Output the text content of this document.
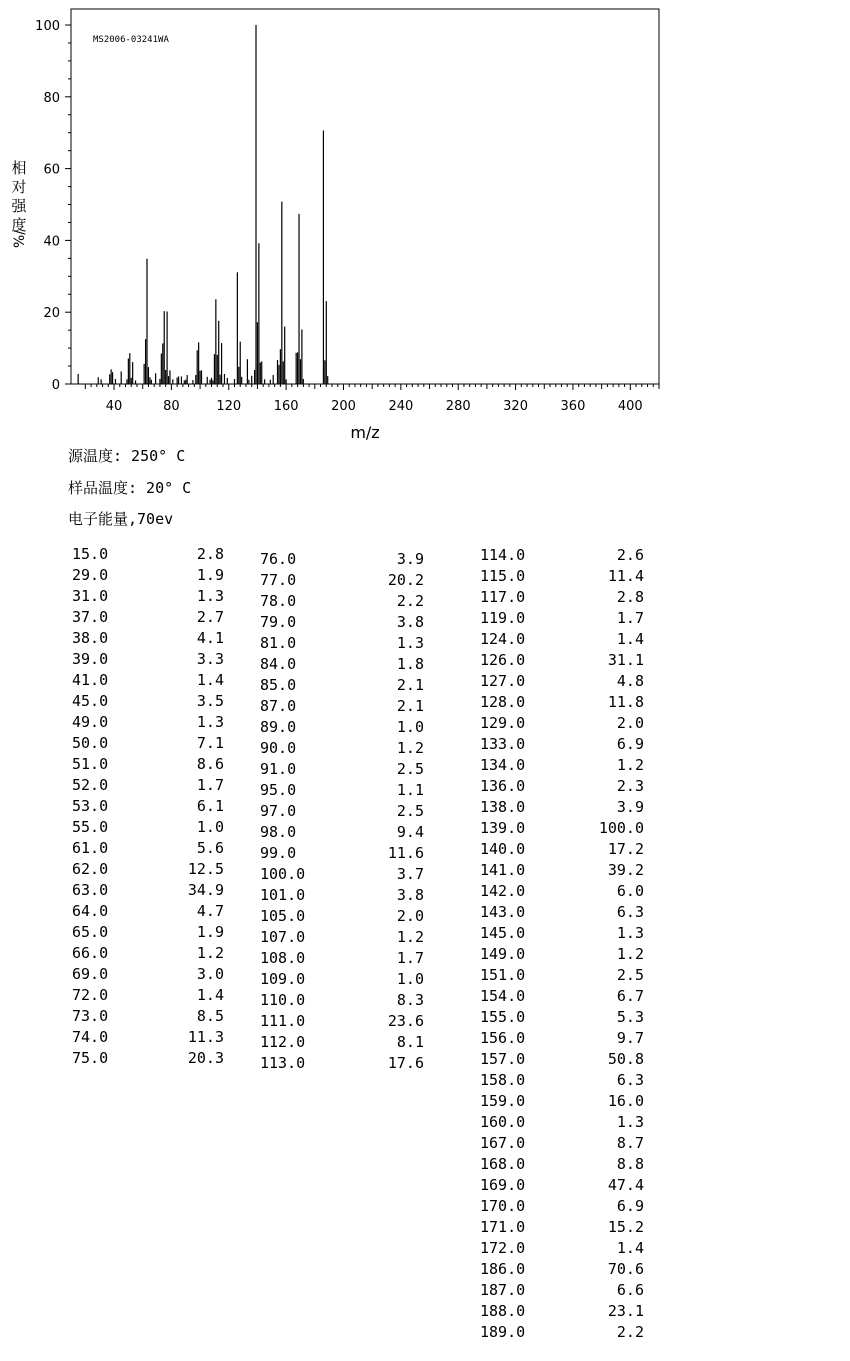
相
对
强
度
%/
MS2006-03241WA
m/z
40	80	120	160	200	240	280	320	360	400
0
20
40
60
80
100
源温度: 250° C
样品温度: 20° C
电子能量,70ev
15.0	2.8
29.0	1.9
31.0	1.3
37.0	2.7
38.0	4.1
39.0	3.3
41.0	1.4
45.0	3.5
49.0	1.3
50.0	7.1
51.0	8.6
52.0	1.7
53.0	6.1
55.0	1.0
61.0	5.6
62.0	12.5
63.0	34.9
64.0	4.7
65.0	1.9
66.0	1.2
69.0	3.0
72.0	1.4
73.0	8.5
74.0	11.3
75.0	20.3
76.0	3.9
77.0	20.2
78.0	2.2
79.0	3.8
81.0	1.3
84.0	1.8
85.0	2.1
87.0	2.1
89.0	1.0
90.0	1.2
91.0	2.5
95.0	1.1
97.0	2.5
98.0	9.4
99.0	11.6
100.0	3.7
101.0	3.8
105.0	2.0
107.0	1.2
108.0	1.7
109.0	1.0
110.0	8.3
111.0	23.6
112.0	8.1
113.0	17.6
114.0	2.6
115.0	11.4
117.0	2.8
119.0	1.7
124.0	1.4
126.0	31.1
127.0	4.8
128.0	11.8
129.0	2.0
133.0	6.9
134.0	1.2
136.0	2.3
138.0	3.9
139.0	100.0
140.0	17.2
141.0	39.2
142.0	6.0
143.0	6.3
145.0	1.3
149.0	1.2
151.0	2.5
154.0	6.7
155.0	5.3
156.0	9.7
157.0	50.8
158.0	6.3
159.0	16.0
160.0	1.3
167.0	8.7
168.0	8.8
169.0	47.4
170.0	6.9
171.0	15.2
172.0	1.4
186.0	70.6
187.0	6.6
188.0	23.1
189.0	2.2
